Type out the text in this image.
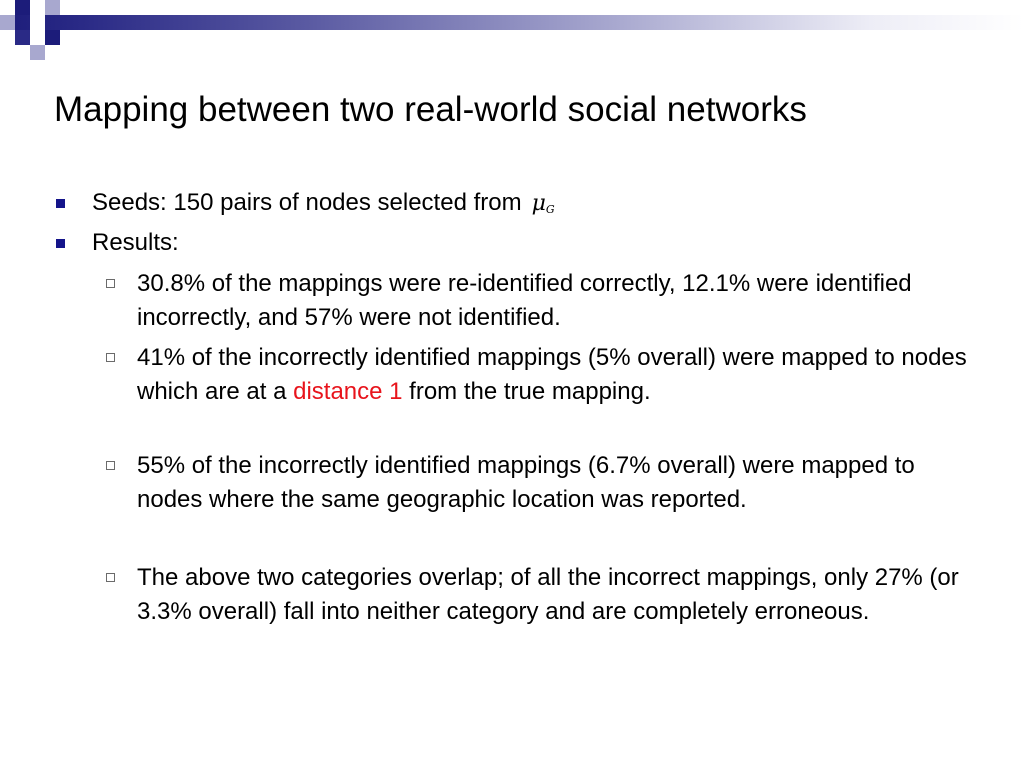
Mapping between two real-world social networks

Seeds: 150 pairs of nodes selected from $\mu_G$

Results:

30.8% of the mappings were re-identified correctly, 12.1% were identified incorrectly, and 57% were not identified.

41% of the incorrectly identified mappings (5% overall) were mapped to nodes which are at a distance 1 from the true mapping.

55% of the incorrectly identified mappings (6.7% overall) were mapped to nodes where the same geographic location was reported.

The above two categories overlap; of all the incorrect mappings, only 27% (or 3.3% overall) fall into neither category and are completely erroneous.
